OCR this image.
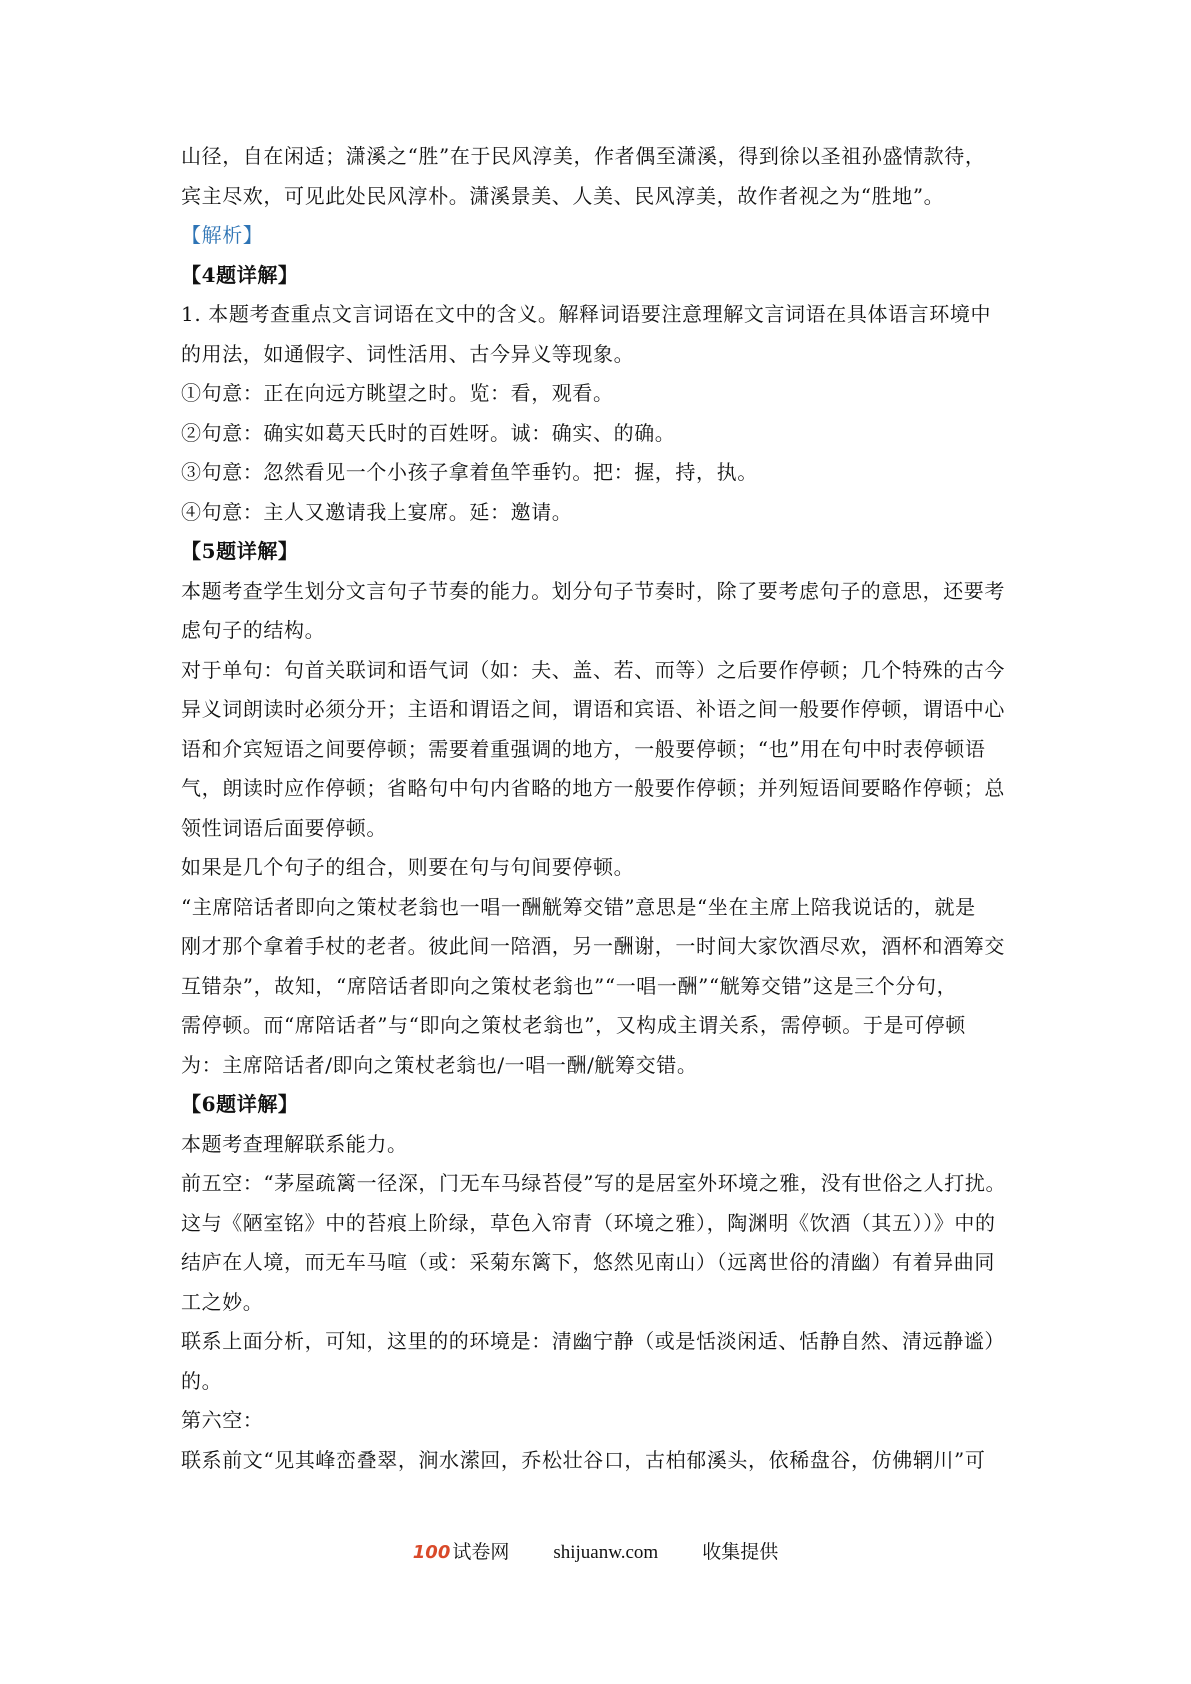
山径，自在闲适；潇溪之“胜”在于民风淳美，作者偶至潇溪，得到徐以圣祖孙盛情款待，

宾主尽欢，可见此处民风淳朴。潇溪景美、人美、民风淳美，故作者视之为“胜地”。

【解析】

【4题详解】

1. 本题考查重点文言词语在文中的含义。解释词语要注意理解文言词语在具体语言环境中

的用法，如通假字、词性活用、古今异义等现象。

①句意：正在向远方眺望之时。览：看，观看。

②句意：确实如葛天氏时的百姓呀。诚：确实、的确。

③句意：忽然看见一个小孩子拿着鱼竿垂钓。把：握，持，执。

④句意：主人又邀请我上宴席。延：邀请。

【5题详解】

本题考查学生划分文言句子节奏的能力。划分句子节奏时，除了要考虑句子的意思，还要考

虑句子的结构。

对于单句：句首关联词和语气词（如：夫、盖、若、而等）之后要作停顿；几个特殊的古今

异义词朗读时必须分开；主语和谓语之间，谓语和宾语、补语之间一般要作停顿，谓语中心

语和介宾短语之间要停顿；需要着重强调的地方，一般要停顿；“也”用在句中时表停顿语

气，朗读时应作停顿；省略句中句内省略的地方一般要作停顿；并列短语间要略作停顿；总

领性词语后面要停顿。

如果是几个句子的组合，则要在句与句间要停顿。

“主席陪话者即向之策杖老翁也一唱一酬觥筹交错”意思是“坐在主席上陪我说话的，就是

刚才那个拿着手杖的老者。彼此间一陪酒，另一酬谢，一时间大家饮酒尽欢，酒杯和酒筹交

互错杂”，故知，“席陪话者即向之策杖老翁也”“一唱一酬”“觥筹交错”这是三个分句，

需停顿。而“席陪话者”与“即向之策杖老翁也”，又构成主谓关系，需停顿。于是可停顿

为：主席陪话者/即向之策杖老翁也/一唱一酬/觥筹交错。

【6题详解】

本题考查理解联系能力。

前五空：“茅屋疏篱一径深，门无车马绿苔侵”写的是居室外环境之雅，没有世俗之人打扰。

这与《陋室铭》中的苔痕上阶绿，草色入帘青（环境之雅），陶渊明《饮酒（其五））》中的

结庐在人境，而无车马喧（或：采菊东篱下，悠然见南山）（远离世俗的清幽）有着异曲同

工之妙。

联系上面分析，可知，这里的的环境是：清幽宁静（或是恬淡闲适、恬静自然、清远静谧）

的。

第六空：

联系前文“见其峰峦叠翠，涧水潆回，乔松壮谷口，古柏郁溪头，依稀盘谷，仿佛辋川”可

100 试卷网 shijuanw.com 收集提供
